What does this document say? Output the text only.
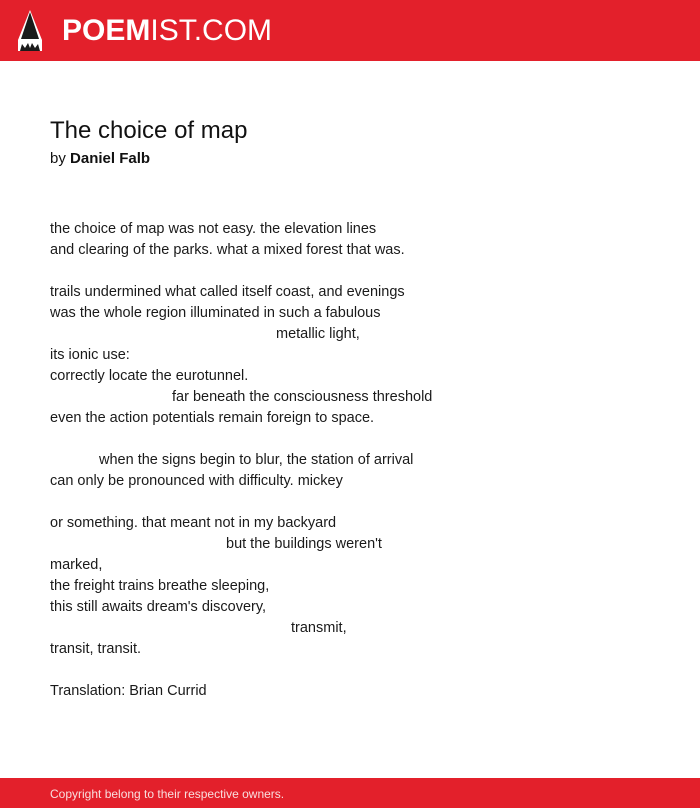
POEMIST.COM
The choice of map
by Daniel Falb
the choice of map was not easy. the elevation lines
and clearing of the parks. what a mixed forest that was.
trails undermined what called itself coast, and evenings
was the whole region illuminated in such a fabulous
metallic light,
its ionic use:
correctly locate the eurotunnel.
far beneath the consciousness threshold
even the action potentials remain foreign to space.
when the signs begin to blur, the station of arrival
can only be pronounced with difficulty. mickey
or something. that meant not in my backyard
but the buildings weren't
marked,
the freight trains breathe sleeping,
this still awaits dream's discovery,
transmit,
transit, transit.
Translation: Brian Currid
Copyright belong to their respective owners.
